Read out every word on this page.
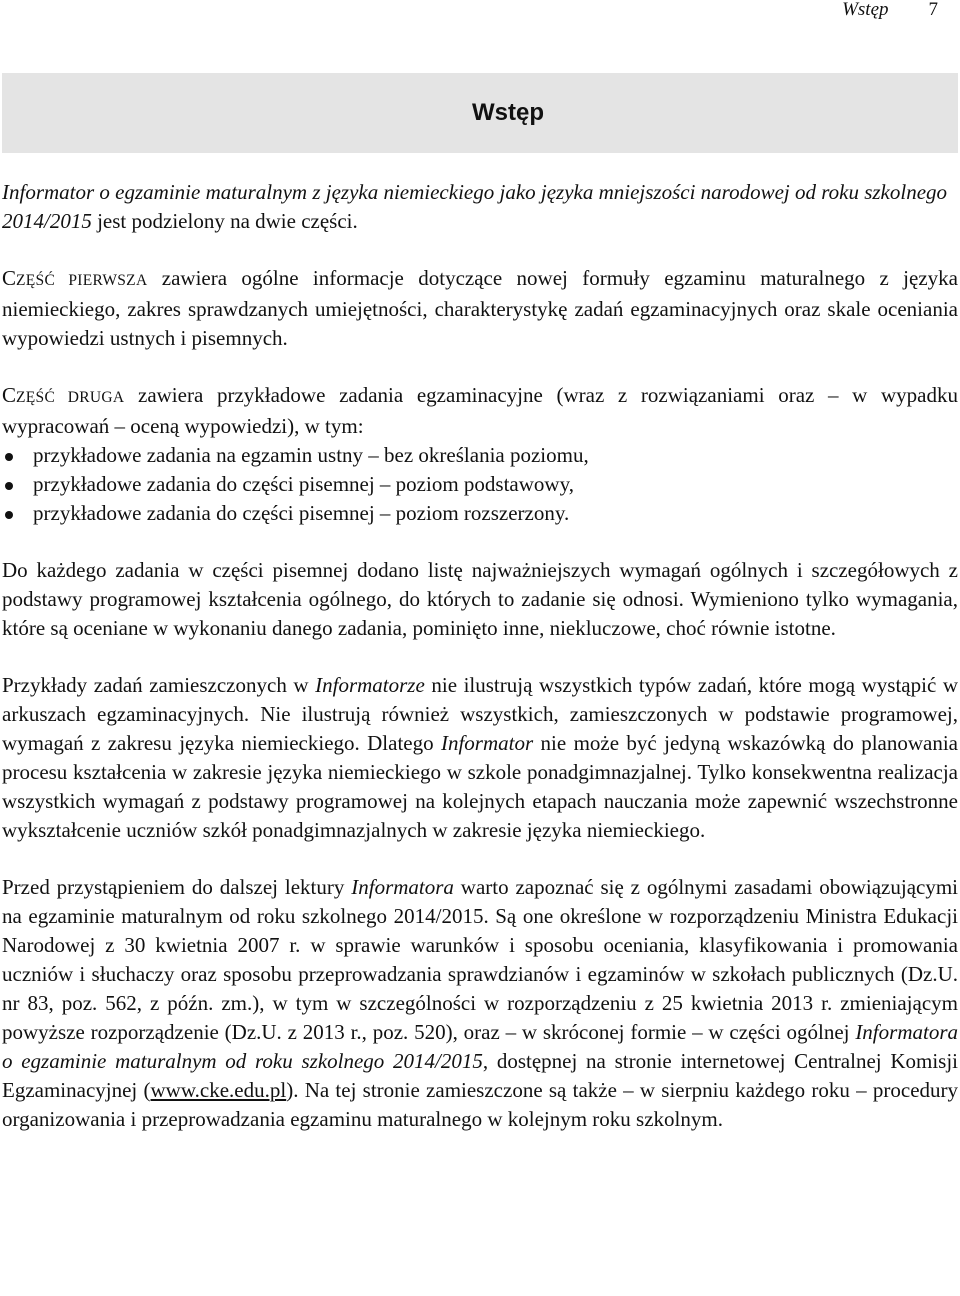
Wstęp 7
Wstęp

Informator o egzaminie maturalnym z języka niemieckiego jako języka mniejszości narodowej od roku szkolnego 2014/2015 jest podzielony na dwie części.

CZĘŚĆ PIERWSZA zawiera ogólne informacje dotyczące nowej formuły egzaminu maturalnego z języka niemieckiego, zakres sprawdzanych umiejętności, charakterystykę zadań egzaminacyjnych oraz skale oceniania wypowiedzi ustnych i pisemnych.

CZĘŚĆ DRUGA zawiera przykładowe zadania egzaminacyjne (wraz z rozwiązaniami oraz – w wypadku wypracowań – oceną wypowiedzi), w tym:

przykładowe zadania na egzamin ustny – bez określania poziomu,
przykładowe zadania do części pisemnej – poziom podstawowy,
przykładowe zadania do części pisemnej – poziom rozszerzony.

Do każdego zadania w części pisemnej dodano listę najważniejszych wymagań ogólnych i szczegółowych z podstawy programowej kształcenia ogólnego, do których to zadanie się odnosi. Wymieniono tylko wymagania, które są oceniane w wykonaniu danego zadania, pominięto inne, niekluczowe, choć równie istotne.

Przykłady zadań zamieszczonych w Informatorze nie ilustrują wszystkich typów zadań, które mogą wystąpić w arkuszach egzaminacyjnych. Nie ilustrują również wszystkich, zamieszczonych w podstawie programowej, wymagań z zakresu języka niemieckiego. Dlatego Informator nie może być jedyną wskazówką do planowania procesu kształcenia w zakresie języka niemieckiego w szkole ponadgimnazjalnej. Tylko konsekwentna realizacja wszystkich wymagań z podstawy programowej na kolejnych etapach nauczania może zapewnić wszechstronne wykształcenie uczniów szkół ponadgimnazjalnych w zakresie języka niemieckiego.

Przed przystąpieniem do dalszej lektury Informatora warto zapoznać się z ogólnymi zasadami obowiązującymi na egzaminie maturalnym od roku szkolnego 2014/2015. Są one określone w rozporządzeniu Ministra Edukacji Narodowej z 30 kwietnia 2007 r. w sprawie warunków i sposobu oceniania, klasyfikowania i promowania uczniów i słuchaczy oraz sposobu przeprowadzania sprawdzianów i egzaminów w szkołach publicznych (Dz.U. nr 83, poz. 562, z późn. zm.), w tym w szczególności w rozporządzeniu z 25 kwietnia 2013 r. zmieniającym powyższe rozporządzenie (Dz.U. z 2013 r., poz. 520), oraz – w skróconej formie – w części ogólnej Informatora o egzaminie maturalnym od roku szkolnego 2014/2015, dostępnej na stronie internetowej Centralnej Komisji Egzaminacyjnej (www.cke.edu.pl). Na tej stronie zamieszczone są także – w sierpniu każdego roku – procedury organizowania i przeprowadzania egzaminu maturalnego w kolejnym roku szkolnym.
